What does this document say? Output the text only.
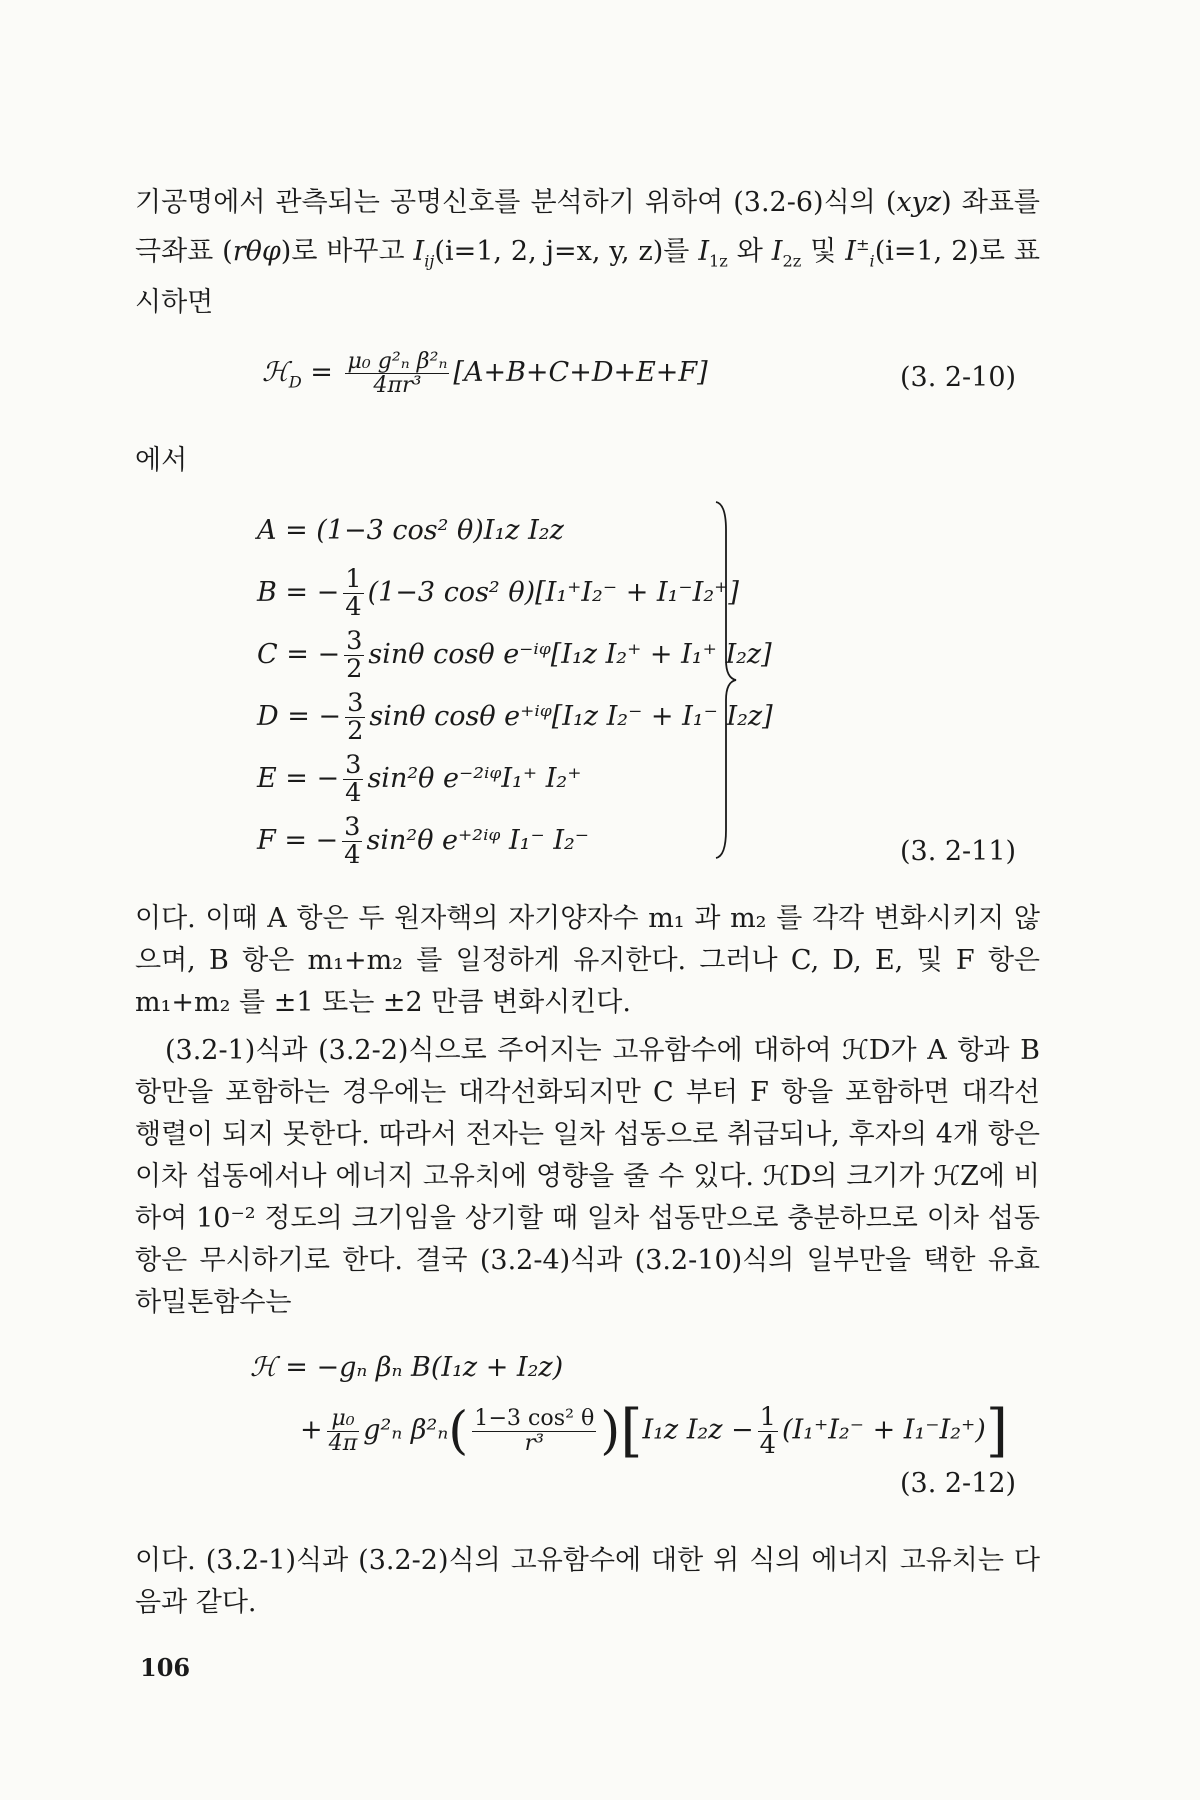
기공명에서 관측되는 공명신호를 분석하기 위하여 (3.2-6)식의 (xyz) 좌표를 극좌표 (rθφ)로 바꾸고 $I_{ij}(i=1$, 2, j=x, y, z)를 $I_{1z}$ 와 $I_{2z}$ 및 $I^\pm_i(i=1$, 2)로 표시하면

ℋ$_D$ = $\frac{\text{μ₀ g²ₙ β²ₙ}}{\text{4πr³}} [A+B+C+D+E+F]$	(3. 2-10)
에서
A = (1−3 cos² θ)I₁z I₂z
B = − $\frac{1}{4} (1-3$ cos² θ)[I₁⁺I₂⁻ + I₁⁻I₂⁺]
C = − $\frac{3}{2}$ sinθ cosθ e⁻ⁱᵠ[I₁z I₂⁺ + I₁⁺ I₂z]
D = − $\frac{3}{2}$ sinθ cosθ e⁺ⁱᵠ[I₁z I₂⁻ + I₁⁻ I₂z]
E = − $\frac{3}{4} \sin^2\theta$ e⁻²ⁱᵠI₁⁺ I₂⁺
F = − $\frac{3}{4} \sin^2\theta$ e⁺²ⁱᵠ I₁⁻ I₂⁻	(3. 2-11)

이다. 이때 A 항은 두 원자핵의 자기양자수 m₁ 과 m₂ 를 각각 변화시키지 않으며, B 항은 m₁+m₂ 를 일정하게 유지한다. 그러나 C, D, E, 및 F 항은 m₁+m₂ 를 ±1 또는 ±2 만큼 변화시킨다.

(3.2-1)식과 (3.2-2)식으로 주어지는 고유함수에 대하여 ℋD가 A 항과 B 항만을 포함하는 경우에는 대각선화되지만 C 부터 F 항을 포함하면 대각선 행렬이 되지 못한다. 따라서 전자는 일차 섭동으로 취급되나, 후자의 4개 항은 이차 섭동에서나 에너지 고유치에 영향을 줄 수 있다. ℋD의 크기가 ℋZ에 비하여 10⁻² 정도의 크기임을 상기할 때 일차 섭동만으로 충분하므로 이차 섭동항은 무시하기로 한다. 결국 (3.2-4)식과 (3.2-10)식의 일부만을 택한 유효 하밀톤함수는

ℋ = −gₙ βₙ B(I₁z + I₂z)
+ $\frac{\text{μ₀}}{4\pi} g^2_n$ $\beta^2_n( \frac{\text{1−3 cos² θ}}{\text{r³}} )[I_1z$ $I_2z - \frac{1}{4} (I_1^+I_2^- + I_1^-I_2^+)$]
(3. 2-12)

이다. (3.2-1)식과 (3.2-2)식의 고유함수에 대한 위 식의 에너지 고유치는 다음과 같다.

106
